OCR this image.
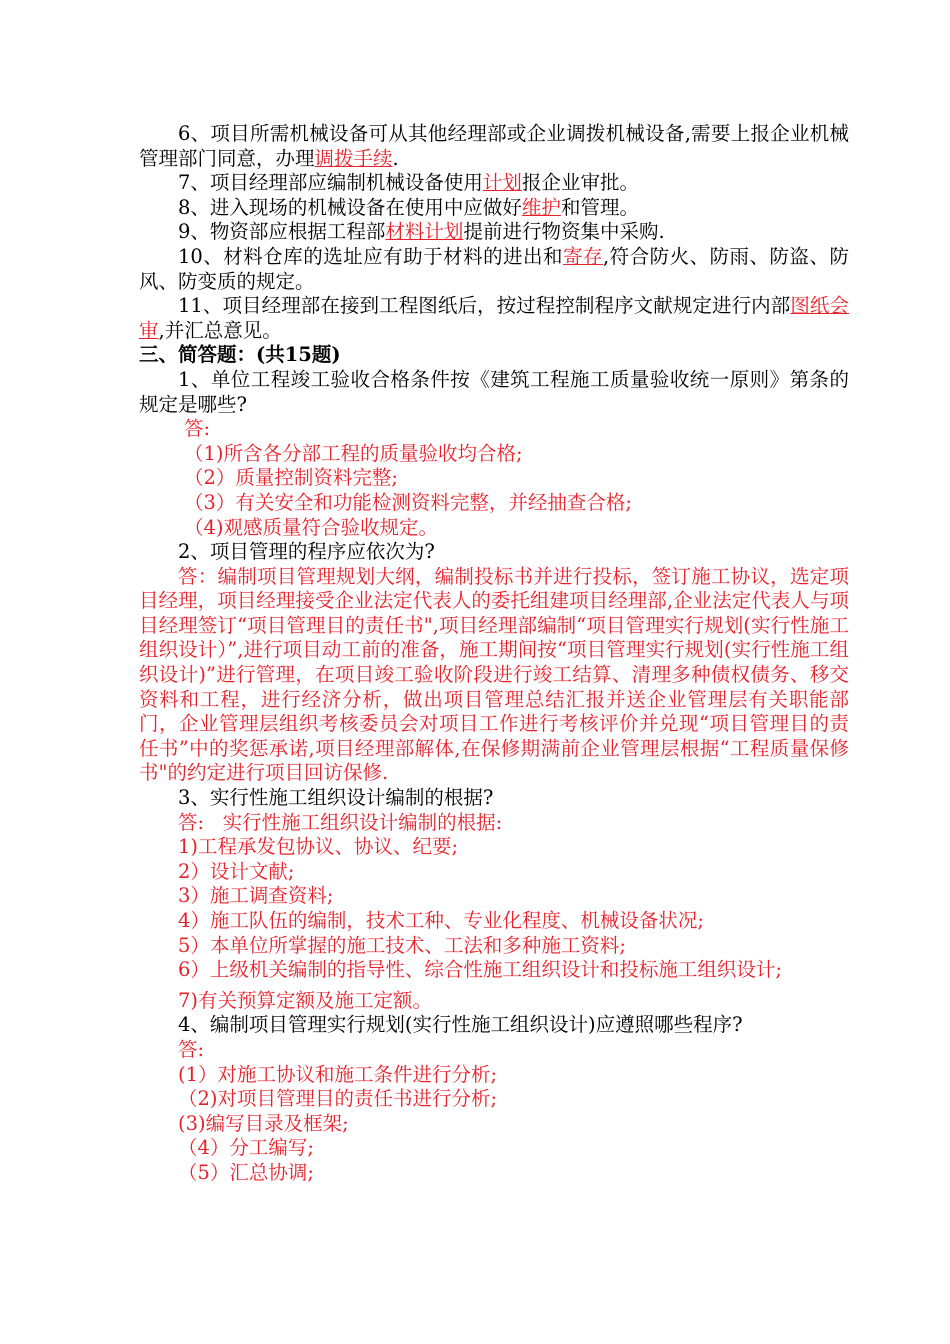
6、项目所需机械设备可从其他经理部或企业调拨机械设备,需要上报企业机械管理部门同意，办理调拨手续.

7、项目经理部应编制机械设备使用计划报企业审批。

8、进入现场的机械设备在使用中应做好维护和管理。

9、物资部应根据工程部材料计划提前进行物资集中采购.

10、材料仓库的选址应有助于材料的进出和寄存,符合防火、防雨、防盗、防风、防变质的规定。

11、项目经理部在接到工程图纸后，按过程控制程序文献规定进行内部图纸会审,并汇总意见。

三、简答题：(共15题)

1、单位工程竣工验收合格条件按《建筑工程施工质量验收统一原则》第条的规定是哪些?

答:

（1)所含各分部工程的质量验收均合格;

（2）质量控制资料完整;

（3）有关安全和功能检测资料完整，并经抽查合格;

（4)观感质量符合验收规定。

2、项目管理的程序应依次为?

答：编制项目管理规划大纲，编制投标书并进行投标，签订施工协议，选定项目经理，项目经理接受企业法定代表人的委托组建项目经理部,企业法定代表人与项目经理签订“项目管理目的责任书",项目经理部编制“项目管理实行规划(实行性施工组织设计）”,进行项目动工前的准备，施工期间按“项目管理实行规划(实行性施工组织设计)”进行管理，在项目竣工验收阶段进行竣工结算、清理多种债权债务、移交资料和工程，进行经济分析，做出项目管理总结汇报并送企业管理层有关职能部门，企业管理层组织考核委员会对项目工作进行考核评价并兑现“项目管理目的责任书”中的奖惩承诺,项目经理部解体,在保修期满前企业管理层根据“工程质量保修书"的约定进行项目回访保修.

3、实行性施工组织设计编制的根据?

答:   实行性施工组织设计编制的根据:

1)工程承发包协议、协议、纪要;

2）设计文献;

3）施工调查资料;

4）施工队伍的编制，技术工种、专业化程度、机械设备状况;

5）本单位所掌握的施工技术、工法和多种施工资料;

6）上级机关编制的指导性、综合性施工组织设计和投标施工组织设计;

7)有关预算定额及施工定额。

4、编制项目管理实行规划(实行性施工组织设计)应遵照哪些程序?

答:

(1）对施工协议和施工条件进行分析;

（2)对项目管理目的责任书进行分析;

(3)编写目录及框架;

（4）分工编写;

（5）汇总协调;
